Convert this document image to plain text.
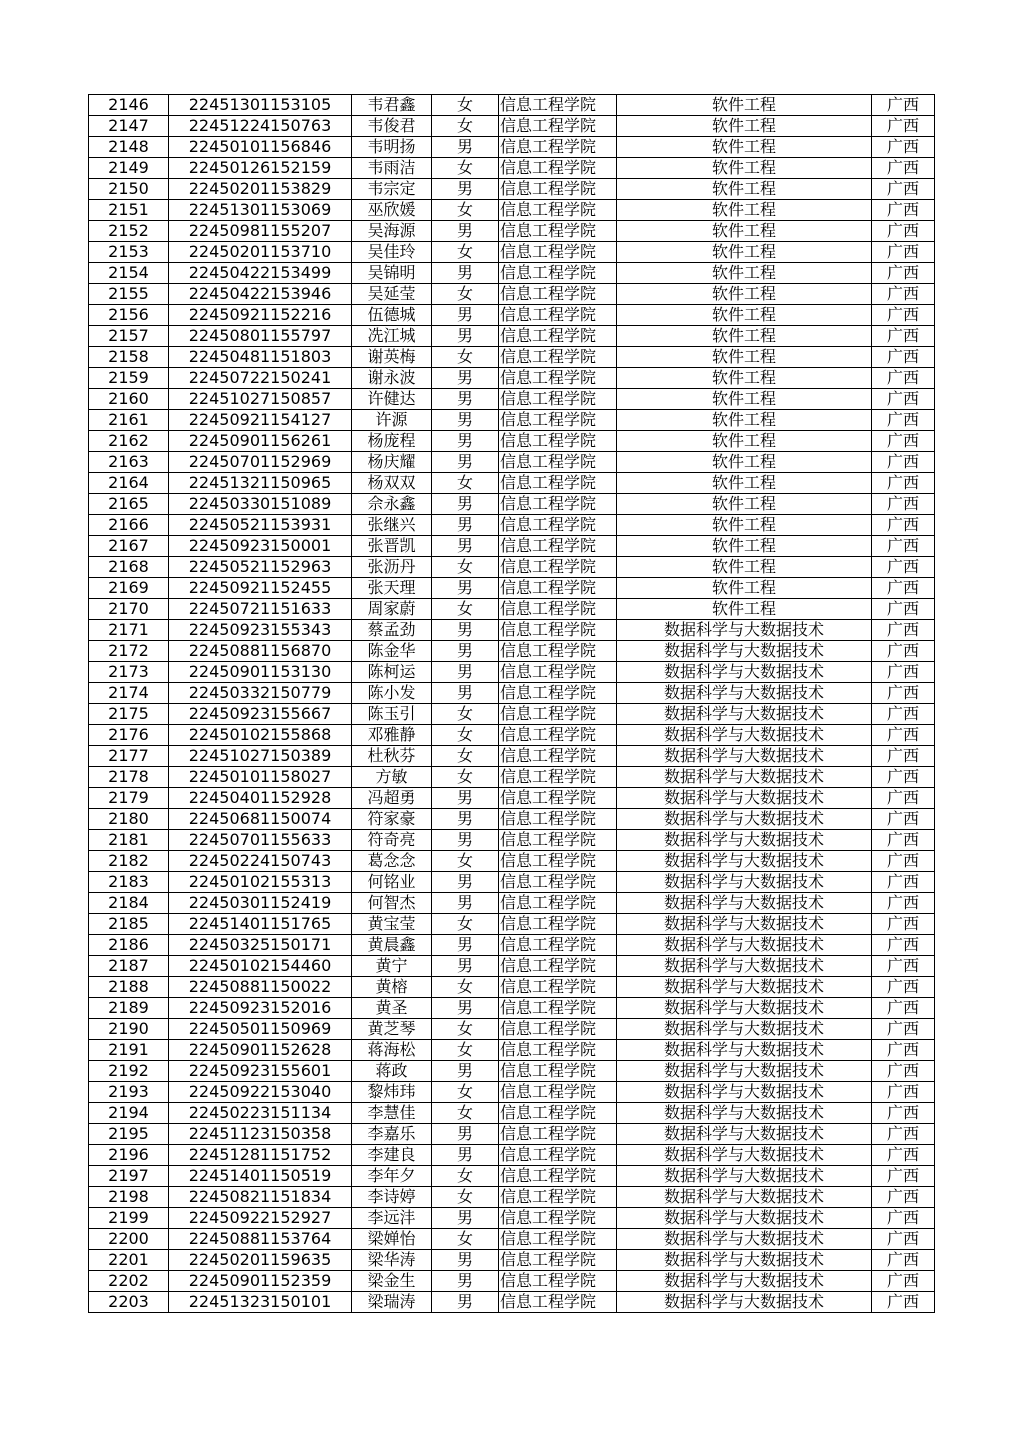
2146	22451301153105	韦君鑫	女	信息工程学院	软件工程	广西
2147	22451224150763	韦俊君	女	信息工程学院	软件工程	广西
2148	22450101156846	韦明扬	男	信息工程学院	软件工程	广西
2149	22450126152159	韦雨洁	女	信息工程学院	软件工程	广西
2150	22450201153829	韦宗定	男	信息工程学院	软件工程	广西
2151	22451301153069	巫欣媛	女	信息工程学院	软件工程	广西
2152	22450981155207	吴海源	男	信息工程学院	软件工程	广西
2153	22450201153710	吴佳玲	女	信息工程学院	软件工程	广西
2154	22450422153499	吴锦明	男	信息工程学院	软件工程	广西
2155	22450422153946	吴延莹	女	信息工程学院	软件工程	广西
2156	22450921152216	伍德城	男	信息工程学院	软件工程	广西
2157	22450801155797	冼江城	男	信息工程学院	软件工程	广西
2158	22450481151803	谢英梅	女	信息工程学院	软件工程	广西
2159	22450722150241	谢永波	男	信息工程学院	软件工程	广西
2160	22451027150857	许健达	男	信息工程学院	软件工程	广西
2161	22450921154127	许源	男	信息工程学院	软件工程	广西
2162	22450901156261	杨庞程	男	信息工程学院	软件工程	广西
2163	22450701152969	杨庆耀	男	信息工程学院	软件工程	广西
2164	22451321150965	杨双双	女	信息工程学院	软件工程	广西
2165	22450330151089	佘永鑫	男	信息工程学院	软件工程	广西
2166	22450521153931	张继兴	男	信息工程学院	软件工程	广西
2167	22450923150001	张晋凯	男	信息工程学院	软件工程	广西
2168	22450521152963	张沥丹	女	信息工程学院	软件工程	广西
2169	22450921152455	张天理	男	信息工程学院	软件工程	广西
2170	22450721151633	周家蔚	女	信息工程学院	软件工程	广西
2171	22450923155343	蔡孟劲	男	信息工程学院	数据科学与大数据技术	广西
2172	22450881156870	陈金华	男	信息工程学院	数据科学与大数据技术	广西
2173	22450901153130	陈柯运	男	信息工程学院	数据科学与大数据技术	广西
2174	22450332150779	陈小发	男	信息工程学院	数据科学与大数据技术	广西
2175	22450923155667	陈玉引	女	信息工程学院	数据科学与大数据技术	广西
2176	22450102155868	邓雅静	女	信息工程学院	数据科学与大数据技术	广西
2177	22451027150389	杜秋芬	女	信息工程学院	数据科学与大数据技术	广西
2178	22450101158027	方敏	女	信息工程学院	数据科学与大数据技术	广西
2179	22450401152928	冯超勇	男	信息工程学院	数据科学与大数据技术	广西
2180	22450681150074	符家豪	男	信息工程学院	数据科学与大数据技术	广西
2181	22450701155633	符奇亮	男	信息工程学院	数据科学与大数据技术	广西
2182	22450224150743	葛念念	女	信息工程学院	数据科学与大数据技术	广西
2183	22450102155313	何铭业	男	信息工程学院	数据科学与大数据技术	广西
2184	22450301152419	何智杰	男	信息工程学院	数据科学与大数据技术	广西
2185	22451401151765	黄宝莹	女	信息工程学院	数据科学与大数据技术	广西
2186	22450325150171	黄晨鑫	男	信息工程学院	数据科学与大数据技术	广西
2187	22450102154460	黄宁	男	信息工程学院	数据科学与大数据技术	广西
2188	22450881150022	黄榕	女	信息工程学院	数据科学与大数据技术	广西
2189	22450923152016	黄圣	男	信息工程学院	数据科学与大数据技术	广西
2190	22450501150969	黄芝琴	女	信息工程学院	数据科学与大数据技术	广西
2191	22450901152628	蒋海松	女	信息工程学院	数据科学与大数据技术	广西
2192	22450923155601	蒋政	男	信息工程学院	数据科学与大数据技术	广西
2193	22450922153040	黎炜玮	女	信息工程学院	数据科学与大数据技术	广西
2194	22450223151134	李慧佳	女	信息工程学院	数据科学与大数据技术	广西
2195	22451123150358	李嘉乐	男	信息工程学院	数据科学与大数据技术	广西
2196	22451281151752	李建良	男	信息工程学院	数据科学与大数据技术	广西
2197	22451401150519	李年夕	女	信息工程学院	数据科学与大数据技术	广西
2198	22450821151834	李诗婷	女	信息工程学院	数据科学与大数据技术	广西
2199	22450922152927	李远沣	男	信息工程学院	数据科学与大数据技术	广西
2200	22450881153764	梁婵怡	女	信息工程学院	数据科学与大数据技术	广西
2201	22450201159635	梁华涛	男	信息工程学院	数据科学与大数据技术	广西
2202	22450901152359	梁金生	男	信息工程学院	数据科学与大数据技术	广西
2203	22451323150101	梁瑞涛	男	信息工程学院	数据科学与大数据技术	广西
